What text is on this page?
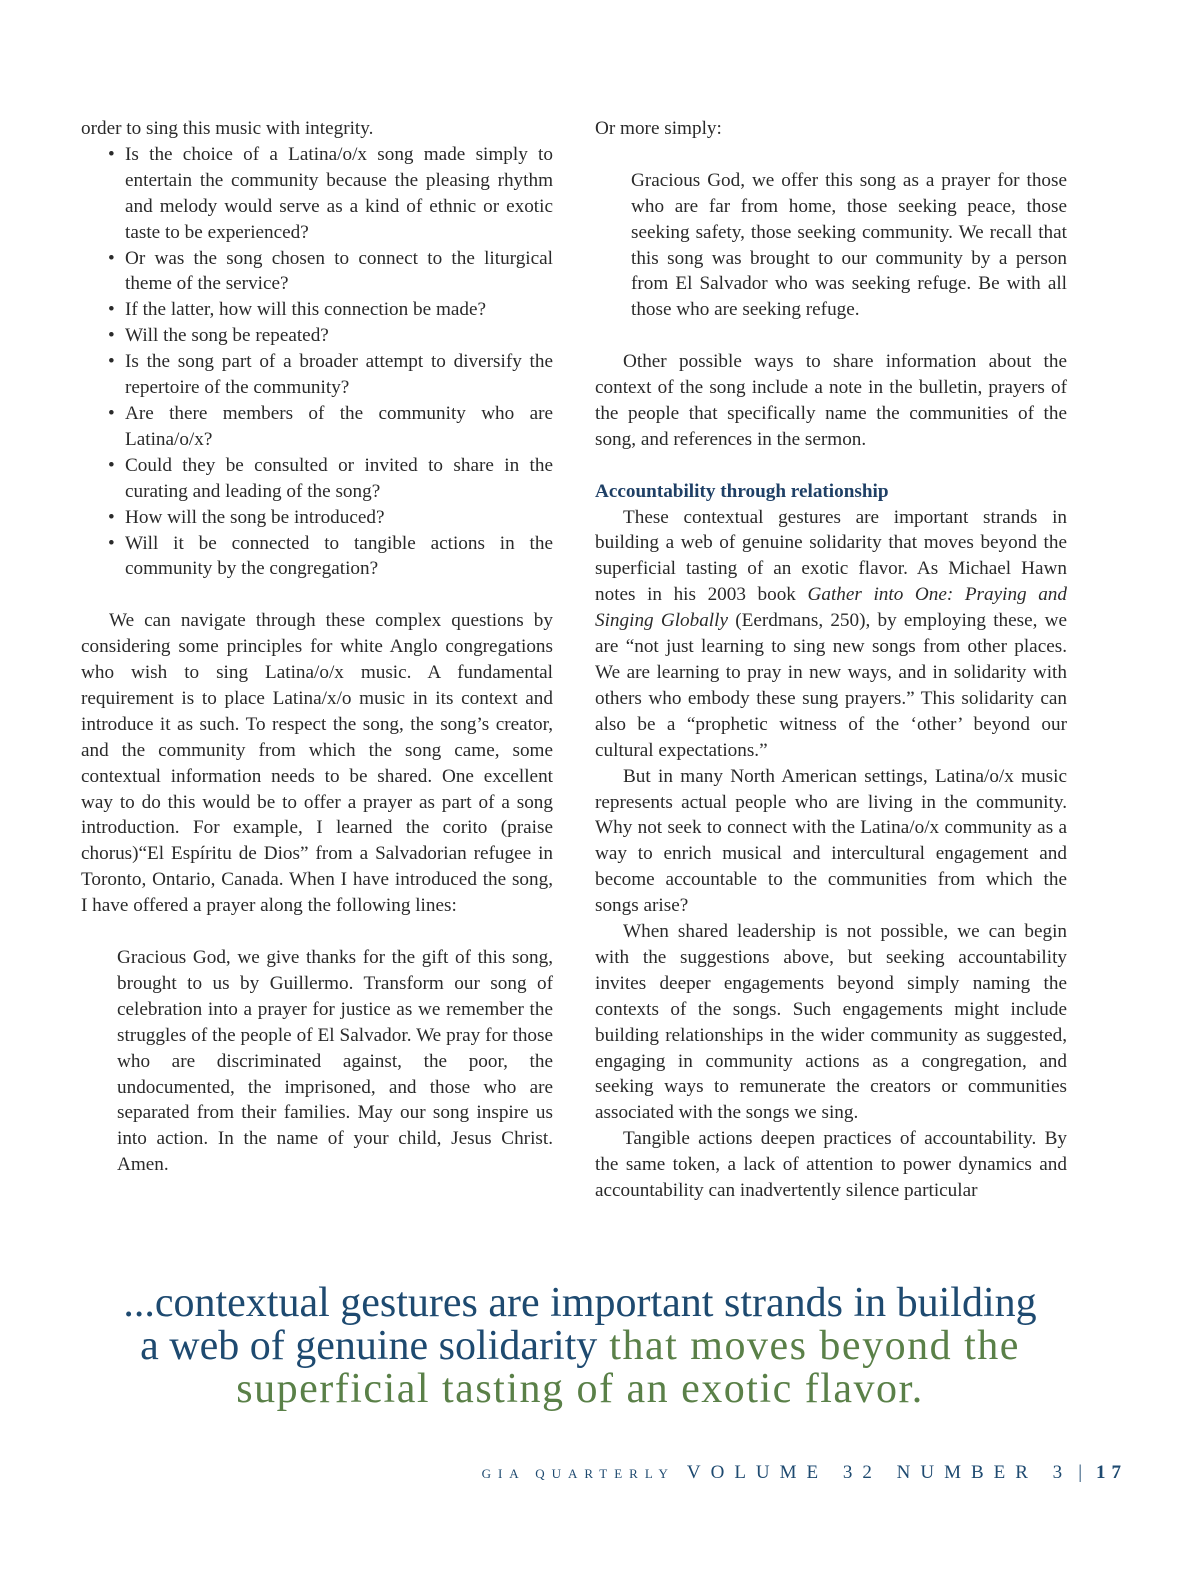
order to sing this music with integrity.

• Is the choice of a Latina/o/x song made simply to entertain the community because the pleasing rhythm and melody would serve as a kind of ethnic or exotic taste to be experienced?
• Or was the song chosen to connect to the liturgical theme of the service?
• If the latter, how will this connection be made?
• Will the song be repeated?
• Is the song part of a broader attempt to diversify the repertoire of the community?
• Are there members of the community who are Latina/o/x?
• Could they be consulted or invited to share in the curating and leading of the song?
• How will the song be introduced?
• Will it be connected to tangible actions in the community by the congregation?

We can navigate through these complex questions by considering some principles for white Anglo congregations who wish to sing Latina/o/x music. A fundamental requirement is to place Latina/x/o music in its context and introduce it as such. To respect the song, the song’s creator, and the community from which the song came, some contextual information needs to be shared. One excellent way to do this would be to offer a prayer as part of a song introduction. For example, I learned the corito (praise chorus)“El Espíritu de Dios” from a Salvadorian refugee in Toronto, Ontario, Canada. When I have introduced the song, I have offered a prayer along the following lines:

Gracious God, we give thanks for the gift of this song, brought to us by Guillermo. Transform our song of celebration into a prayer for justice as we remember the struggles of the people of El Salvador. We pray for those who are discriminated against, the poor, the undocumented, the imprisoned, and those who are separated from their families. May our song inspire us into action. In the name of your child, Jesus Christ. Amen.

Or more simply:

Gracious God, we offer this song as a prayer for those who are far from home, those seeking peace, those seeking safety, those seeking community. We recall that this song was brought to our community by a person from El Salvador who was seeking refuge. Be with all those who are seeking refuge.

Other possible ways to share information about the context of the song include a note in the bulletin, prayers of the people that specifically name the communities of the song, and references in the sermon.

Accountability through relationship

These contextual gestures are important strands in building a web of genuine solidarity that moves beyond the superficial tasting of an exotic flavor. As Michael Hawn notes in his 2003 book Gather into One: Praying and Singing Globally (Eerdmans, 250), by employing these, we are “not just learning to sing new songs from other places. We are learning to pray in new ways, and in solidarity with others who embody these sung prayers.” This solidarity can also be a “prophetic witness of the ‘other’ beyond our cultural expectations.”

But in many North American settings, Latina/o/x music represents actual people who are living in the community. Why not seek to connect with the Latina/o/x community as a way to enrich musical and intercultural engagement and become accountable to the communities from which the songs arise?

When shared leadership is not possible, we can begin with the suggestions above, but seeking accountability invites deeper engagements beyond simply naming the contexts of the songs. Such engagements might include building relationships in the wider community as suggested, engaging in community actions as a congregation, and seeking ways to remunerate the creators or communities associated with the songs we sing.

Tangible actions deepen practices of accountability. By the same token, a lack of attention to power dynamics and accountability can inadvertently silence particular

...contextual gestures are important strands in building
a web of genuine solidarity that moves beyond the
superficial tasting of an exotic flavor.
GIA QUARTERLY VOLUME 32 NUMBER 3 | 17
